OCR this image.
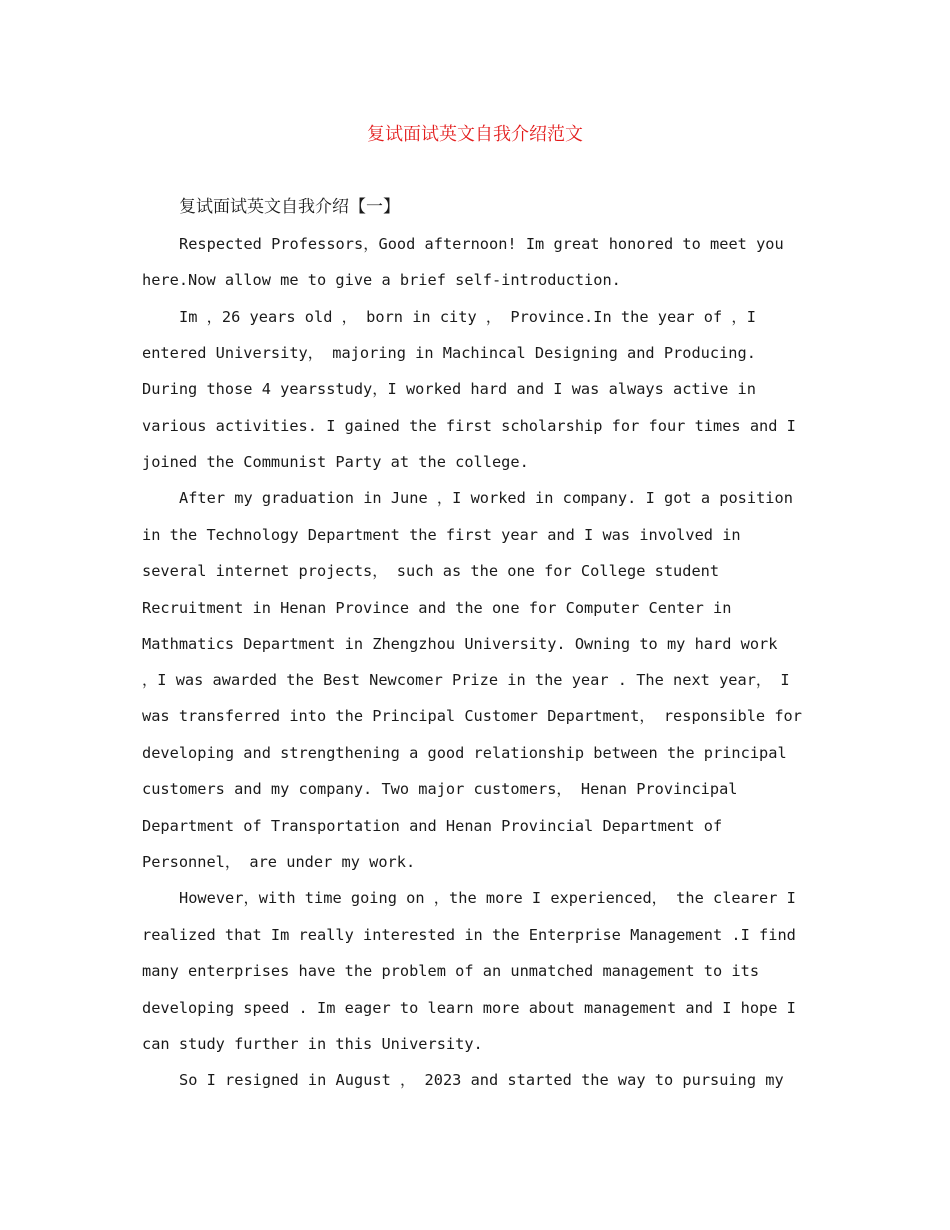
复试面试英文自我介绍范文
复试面试英文自我介绍【一】
Respected Professors，Good afternoon! Im great honored to meet you
here.Now allow me to give a brief self-introduction.
Im ，26 years old ， born in city ， Province.In the year of ，I
entered University， majoring in Machincal Designing and Producing.
During those 4 yearsstudy，I worked hard and I was always active in
various activities. I gained the first scholarship for four times and I
joined the Communist Party at the college.
After my graduation in June ，I worked in company. I got a position
in the Technology Department the first year and I was involved in
several internet projects， such as the one for College student
Recruitment in Henan Province and the one for Computer Center in
Mathmatics Department in Zhengzhou University. Owning to my hard work
，I was awarded the Best Newcomer Prize in the year . The next year， I
was transferred into the Principal Customer Department， responsible for
developing and strengthening a good relationship between the principal
customers and my company. Two major customers， Henan Provincipal
Department of Transportation and Henan Provincial Department of
Personnel， are under my work.
However，with time going on ，the more I experienced， the clearer I
realized that Im really interested in the Enterprise Management .I find
many enterprises have the problem of an unmatched management to its
developing speed . Im eager to learn more about management and I hope I
can study further in this University.
So I resigned in August ， 2023 and started the way to pursuing my
